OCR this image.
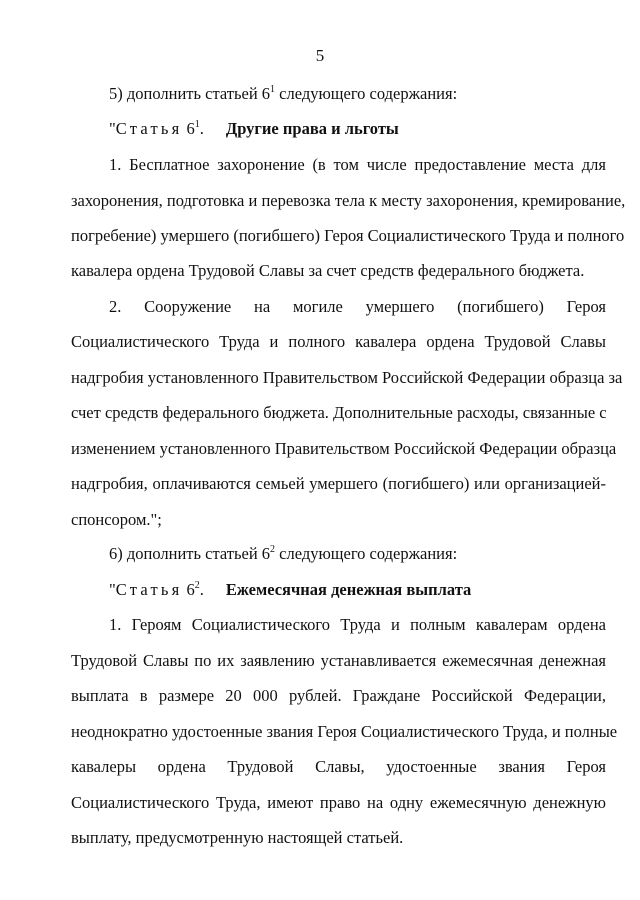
5
5) дополнить статьей $6^1$ следующего содержания:
"Статья $6^1$. Другие права и льготы
1. Бесплатное захоронение (в том числе предоставление места для
захоронения, подготовка и перевозка тела к месту захоронения, кремирование,
погребение) умершего (погибшего) Героя Социалистического Труда и полного
кавалера ордена Трудовой Славы за счет средств федерального бюджета.
2. Сооружение на могиле умершего (погибшего) Героя
Социалистического Труда и полного кавалера ордена Трудовой Славы
надгробия установленного Правительством Российской Федерации образца за
счет средств федерального бюджета. Дополнительные расходы, связанные с
изменением установленного Правительством Российской Федерации образца
надгробия, оплачиваются семьей умершего (погибшего) или организацией-
спонсором.";
6) дополнить статьей $6^2$ следующего содержания:
"Статья $6^2$. Ежемесячная денежная выплата
1. Героям Социалистического Труда и полным кавалерам ордена
Трудовой Славы по их заявлению устанавливается ежемесячная денежная
выплата в размере 20 000 рублей. Граждане Российской Федерации,
неоднократно удостоенные звания Героя Социалистического Труда, и полные
кавалеры ордена Трудовой Славы, удостоенные звания Героя
Социалистического Труда, имеют право на одну ежемесячную денежную
выплату, предусмотренную настоящей статьей.
